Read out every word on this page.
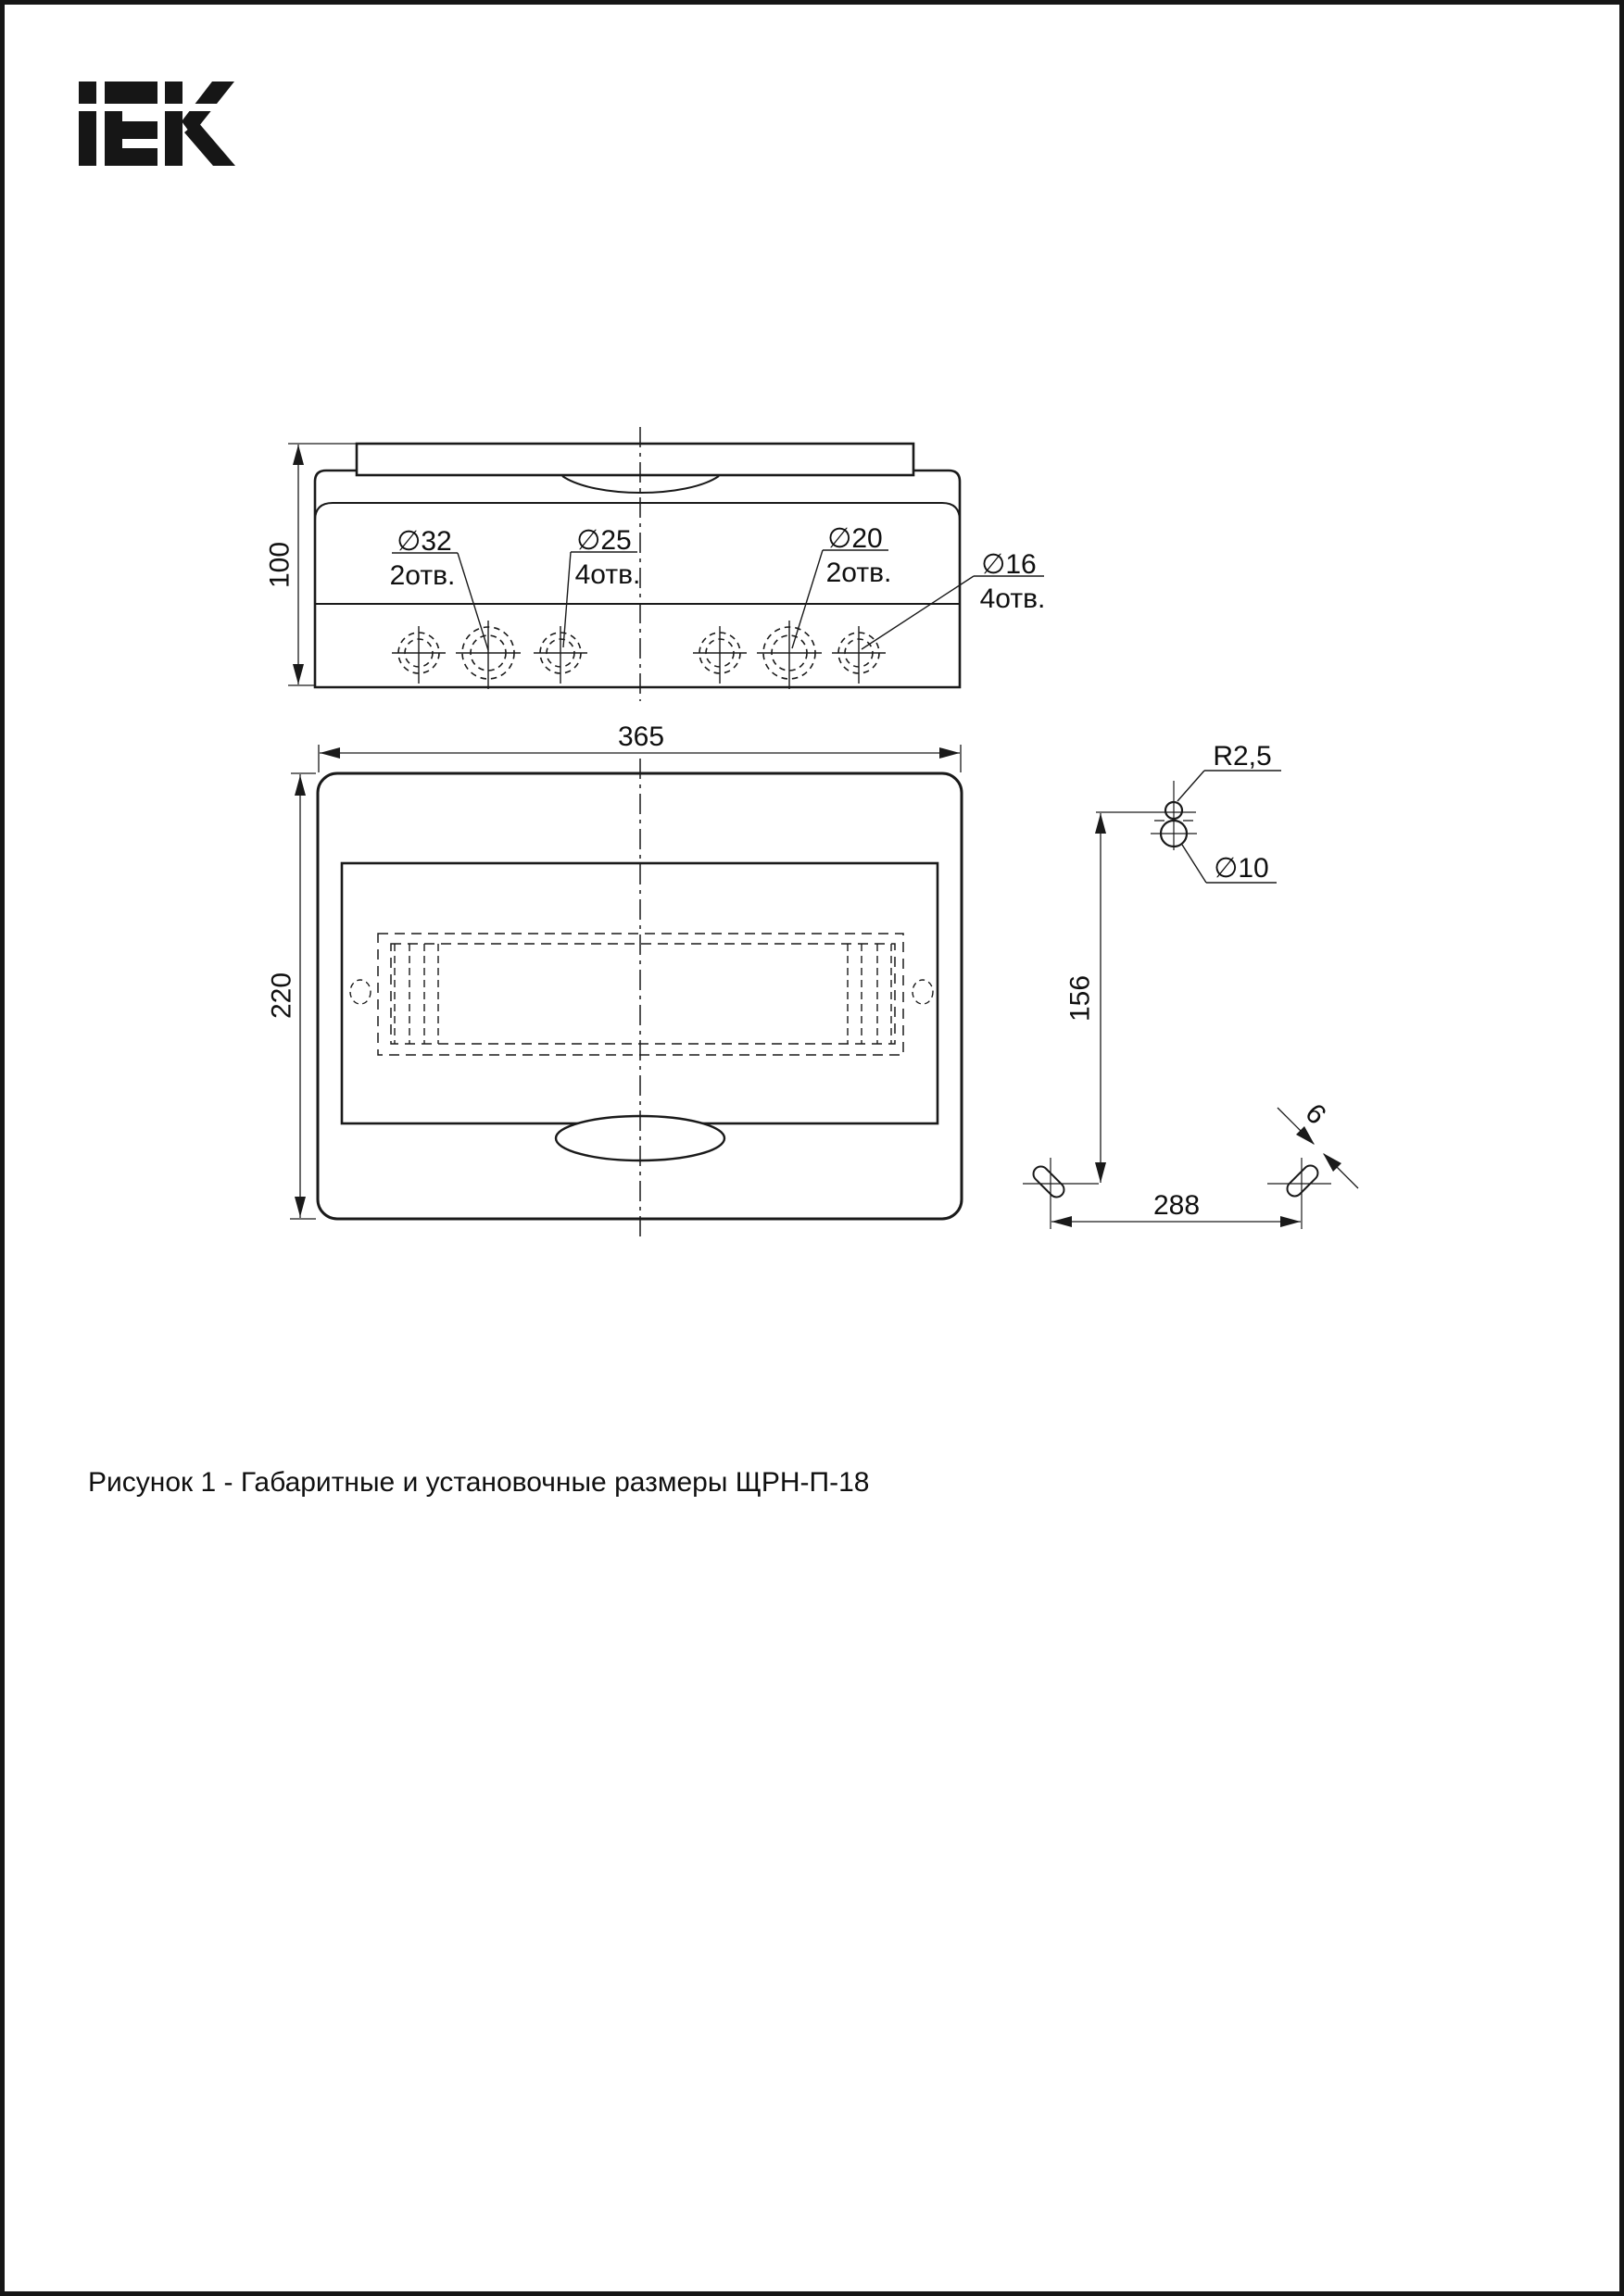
∅32
2отв.
∅25
4отв.
∅20
2отв.	∅16
4отв.
100
365
220
R2,5
∅10
156
288
6
Рисунок 1 - Габаритные и установочные размеры ЩРН-П-18
